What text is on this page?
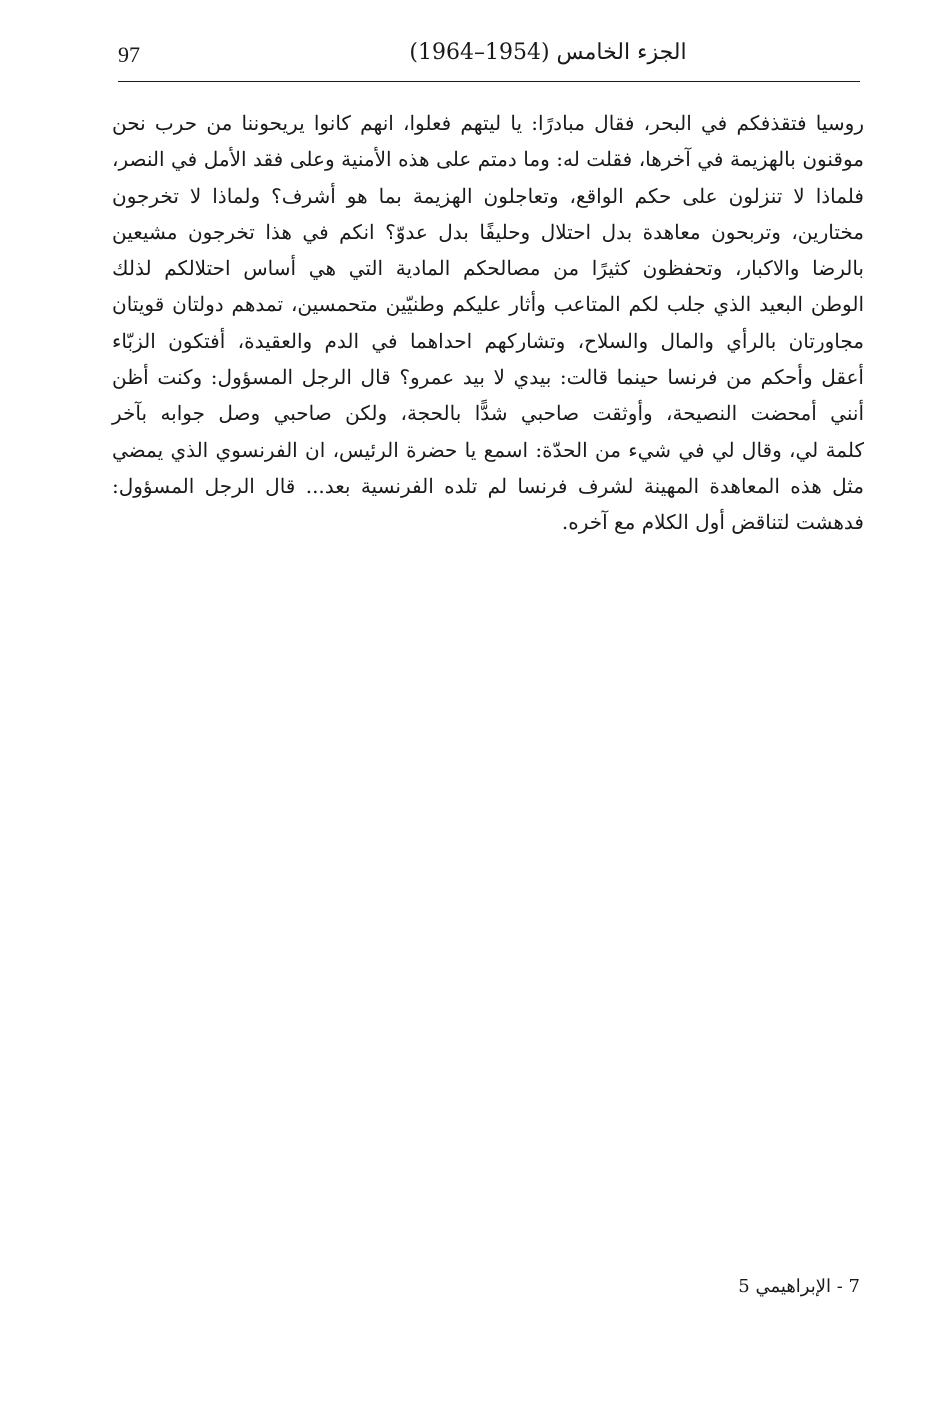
97	الجزء الخامس (1954–1964)
روسيا فتقذفكم في البحر، فقال مبادرًا: يا ليتهم فعلوا، انهم كانوا يريحوننا من حرب نحن
موقنون بالهزيمة في آخرها، فقلت له: وما دمتم على هذه الأمنية وعلى فقد الأمل في النصر،
فلماذا لا تنزلون على حكم الواقع، وتعاجلون الهزيمة بما هو أشرف؟ ولماذا لا تخرجون
مختارين، وتربحون معاهدة بدل احتلال وحليفًا بدل عدوّ؟ انكم في هذا تخرجون مشيعين
بالرضا والاكبار، وتحفظون كثيرًا من مصالحكم المادية التي هي أساس احتلالكم لذلك
الوطن البعيد الذي جلب لكم المتاعب وأثار عليكم وطنيّين متحمسين، تمدهم دولتان قويتان
مجاورتان بالرأي والمال والسلاح، وتشاركهم احداهما في الدم والعقيدة، أفتكون الزبّاء
أعقل وأحكم من فرنسا حينما قالت: بيدي لا بيد عمرو؟ قال الرجل المسؤول: وكنت أظن
أنني أمحضت النصيحة، وأوثقت صاحبي شدًّا بالحجة، ولكن صاحبي وصل جوابه بآخر
كلمة لي، وقال لي في شيء من الحدّة: اسمع يا حضرة الرئيس، ان الفرنسوي الذي يمضي
مثل هذه المعاهدة المهينة لشرف فرنسا لم تلده الفرنسية بعد... قال الرجل المسؤول:
فدهشت لتناقض أول الكلام مع آخره.
7 - الإبراهيمي 5
